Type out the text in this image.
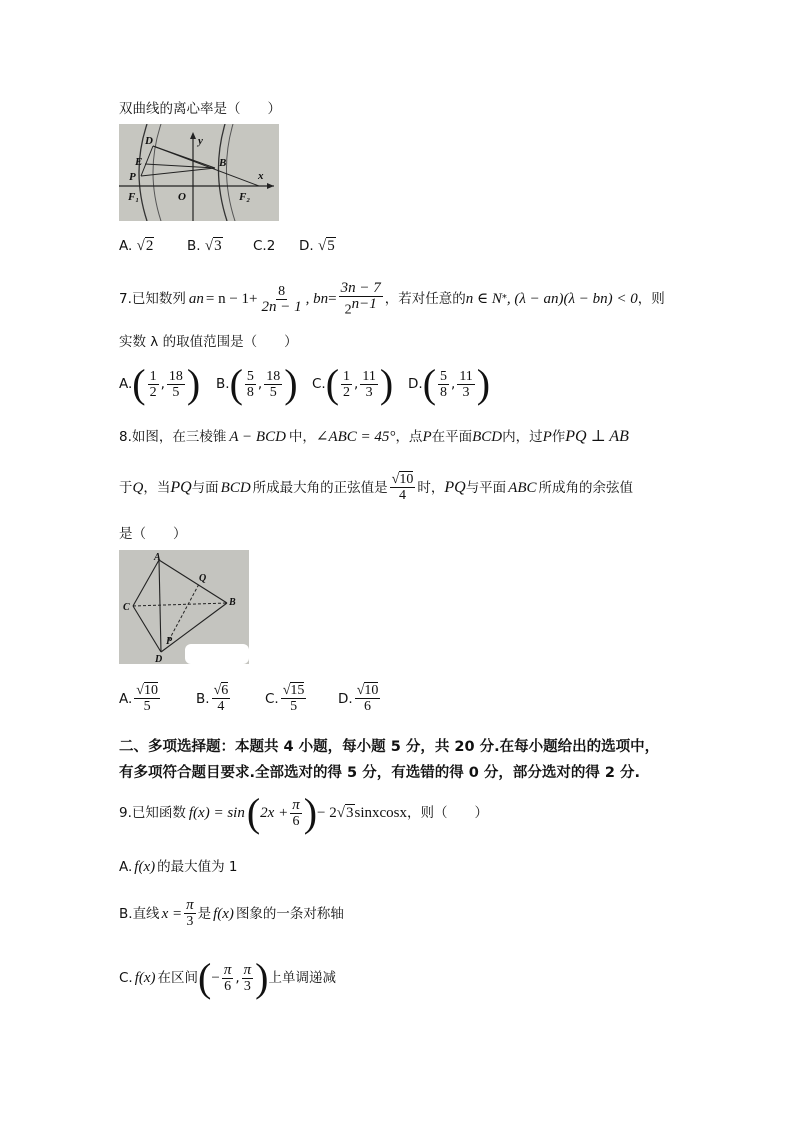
双曲线的离心率是（　　）
D
E
P
B
y
x
O
F₁	F₂
A. √2 B. √3 C.2 D. √5
7. 已知数列 a $n = n - 1+ \frac{8}{2n - 1}$ , b $n = \frac{3n - 7}{2^{n-1}}$ ，若对任意的 n ∈ N * , (λ − a n )(λ − b n ) < 0 ，则
实数 λ 的取值范围是（　　）
A. ( $\frac{1}{2}$ , $\frac{18}{5}$ ) B. ( $\frac{5}{8}$ , $\frac{18}{5}$ ) C. ( $\frac{1}{2}$ , $\frac{11}{3}$ ) D. ( $\frac{5}{8}$ , $\frac{11}{3}$ )
8. 如图，在三棱锥 A − BCD 中， ∠ABC = 45° ，点 P 在平面 BCD 内，过 P 作 PQ ⊥ AB
于 Q ，当 PQ 与面 BCD 所成最大角的正弦值是 $\frac{√10}{4}$ 时， PQ 与平面 ABC 所成角的余弦值
是（　　）
A
Q
C	B
P
D
A. $\frac{√10}{5}$	B. $\frac{√6}{4}$	C. $\frac{√15}{5} D$. $\frac{√10}{6}$
二、多项选择题：本题共 4 小题，每小题 5 分，共 20 分.在每小题给出的选项中，
有多项符合题目要求.全部选对的得 5 分，有选错的得 0 分，部分选对的得 2 分.
9. 已知函数 f(x) = sin ( $2x + \frac{\pi}{6}$ ) − 2 √3 sinxcosx ，则（　　）
A. f(x) 的最大值为 1
B. 直线 $x = \frac{\pi}{3}$ 是 f(x) 图象的一条对称轴
C. f(x) 在区间 ( − $\frac{\pi}{6}$ , $\frac{\pi}{3}$ ) 上单调递减
